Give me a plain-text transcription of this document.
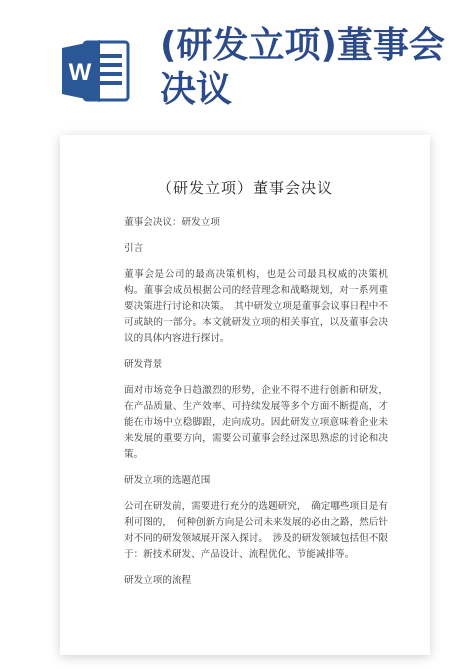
W
(研发立项)董事会决议
（研发立项）董事会决议

董事会决议：研发立项

引言

董事会是公司的最高决策机构，也是公司最具权威的决策机构。董事会成员根据公司的经营理念和战略规划，对一系列重要决策进行讨论和决策。　其中研发立项是董事会议事日程中不可或缺的一部分。本文就研发立项的相关事宜，以及董事会决议的具体内容进行探讨。

研发背景

面对市场竞争日趋激烈的形势，企业不得不进行创新和研发，在产品质量、生产效率、可持续发展等多个方面不断提高，才能在市场中立稳脚跟，走向成功。因此研发立项意味着企业未来发展的重要方向，需要公司董事会经过深思熟虑的讨论和决策。

研发立项的选题范围

公司在研发前，需要进行充分的选题研究，　确定哪些项目是有利可图的，　何种创新方向是公司未来发展的必由之路，然后针对不同的研发领域展开深入探讨。　涉及的研发领域包括但不限于：新技术研发、产品设计、流程优化、节能减排等。

研发立项的流程
